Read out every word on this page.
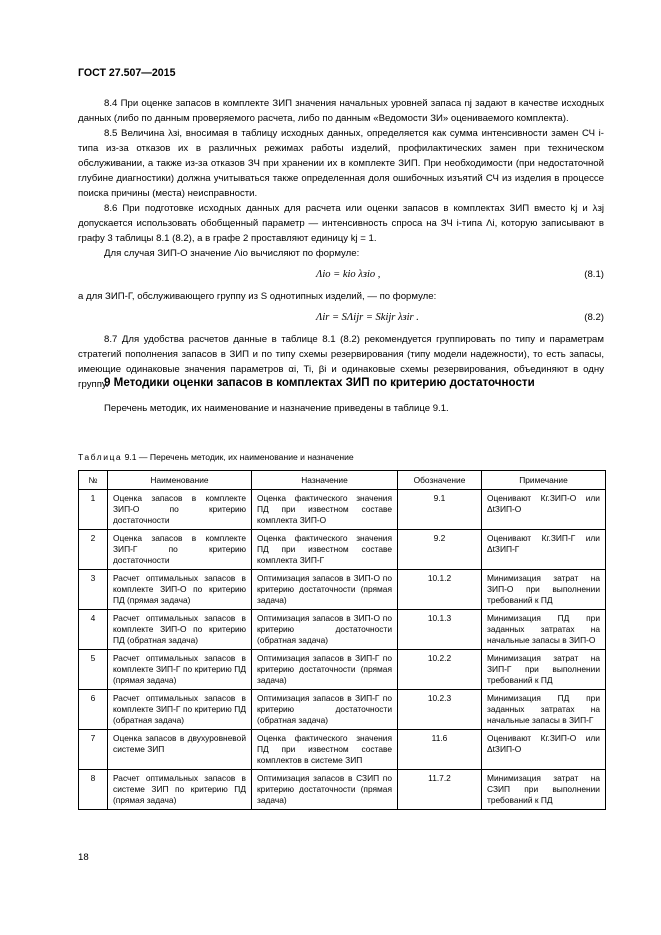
ГОСТ 27.507—2015

8.4 При оценке запасов в комплекте ЗИП значения начальных уровней запаса nj задают в качестве исходных данных (либо по данным проверяемого расчета, либо по данным «Ведомости ЗИ» оцениваемого комплекта).

8.5 Величина λзi, вносимая в таблицу исходных данных, определяется как сумма интенсивности замен СЧ i-типа из-за отказов их в различных режимах работы изделий, профилактических замен при техническом обслуживании, а также из-за отказов ЗЧ при хранении их в комплекте ЗИП. При необходимости (при недостаточной глубине диагностики) должна учитываться также определенная доля ошибочных изъятий СЧ из изделия в процессе поиска причины (места) неисправности.

8.6 При подготовке исходных данных для расчета или оценки запасов в комплектах ЗИП вместо kj и λзj допускается использовать обобщенный параметр — интенсивность спроса на ЗЧ i-типа Λi, которую записывают в графу 3 таблицы 8.1 (8.2), а в графе 2 проставляют единицу kj = 1.

Для случая ЗИП-О значение Λio вычисляют по формуле:

Λio = kio λзio ,	(8.1)

а для ЗИП-Г, обслуживающего группу из S однотипных изделий, — по формуле:

Λir = SΛijr = Skijr λзir .	(8.2)

8.7 Для удобства расчетов данные в таблице 8.1 (8.2) рекомендуется группировать по типу и параметрам стратегий пополнения запасов в ЗИП и по типу схемы резервирования (типу модели надежности), то есть запасы, имеющие одинаковые значения параметров αi, Ti, βi и одинаковые схемы резервирования, объединяют в одну группу.

9 Методики оценки запасов в комплектах ЗИП по критерию достаточности
Перечень методик, их наименование и назначение приведены в таблице 9.1.
Таблица 9.1 — Перечень методик, их наименование и назначение
№	Наименование	Назначение	Обозначение	Примечание
1	Оценка запасов в комплекте ЗИП-О по критерию достаточности	Оценка фактического значения ПД при известном составе комплекта ЗИП-О	9.1	Оценивают Кг.ЗИП-О или ΔtЗИП-О
2	Оценка запасов в комплекте ЗИП-Г по критерию достаточности	Оценка фактического значения ПД при известном составе комплекта ЗИП-Г	9.2	Оценивают Кг.ЗИП-Г или ΔtЗИП-Г
3	Расчет оптимальных запасов в комплекте ЗИП-О по критерию ПД (прямая задача)	Оптимизация запасов в ЗИП-О по критерию достаточности (прямая задача)	10.1.2	Минимизация затрат на ЗИП-О при выполнении требований к ПД
4	Расчет оптимальных запасов в комплекте ЗИП-О по критерию ПД (обратная задача)	Оптимизация запасов в ЗИП-О по критерию достаточности (обратная задача)	10.1.3	Минимизация ПД при заданных затратах на начальные запасы в ЗИП-О
5	Расчет оптимальных запасов в комплекте ЗИП-Г по критерию ПД (прямая задача)	Оптимизация запасов в ЗИП-Г по критерию достаточности (прямая задача)	10.2.2	Минимизация затрат на ЗИП-Г при выполнении требований к ПД
6	Расчет оптимальных запасов в комплекте ЗИП-Г по критерию ПД (обратная задача)	Оптимизация запасов в ЗИП-Г по критерию достаточности (обратная задача)	10.2.3	Минимизация ПД при заданных затратах на начальные запасы в ЗИП-Г
7	Оценка запасов в двухуровневой системе ЗИП	Оценка фактического значения ПД при известном составе комплектов в системе ЗИП	11.6	Оценивают Кг.ЗИП-О или ΔtЗИП-О
8	Расчет оптимальных запасов в системе ЗИП по критерию ПД (прямая задача)	Оптимизация запасов в СЗИП по критерию достаточности (прямая задача)	11.7.2	Минимизация затрат на СЗИП при выполнении требований к ПД
18
